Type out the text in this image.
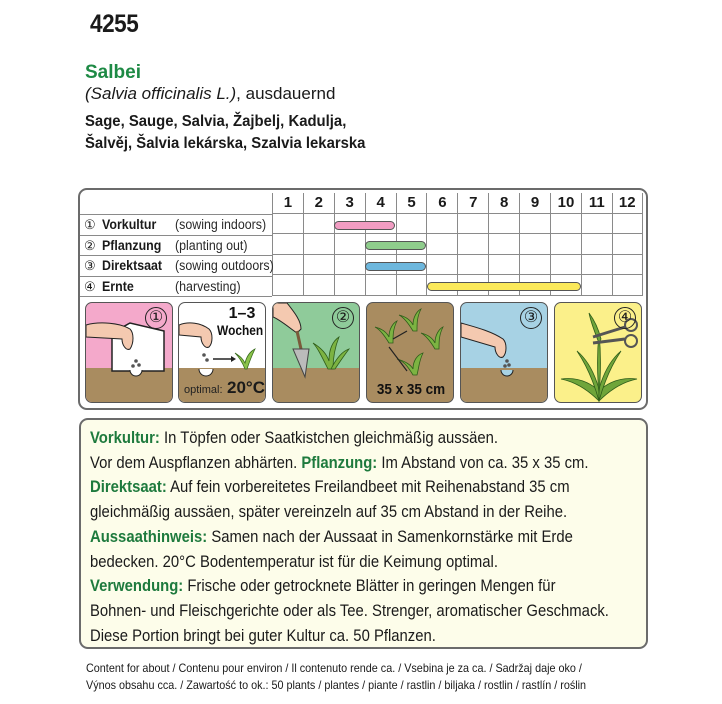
4255
Salbei
(Salvia officinalis L.), ausdauernd
Sage, Sauge, Salvia, Žajbelj, Kadulja,
Šalvěj, Šalvia lekárska, Szalvia lekarska
1	2	3	4	5	6	7	8	9	10 11 12
① Vorkultur (sowing indoors)
② Pflanzung (planting out)
③ Direktsaat (sowing outdoors)
④ Ernte	(harvesting)
①	1–3
Wochen
optimal: 20°C
②
35 x 35 cm
③	④

Vorkultur: In Töpfen oder Saatkistchen gleichmäßig aussäen.

Vor dem Auspflanzen abhärten. Pflanzung: Im Abstand von ca. 35 x 35 cm.

Direktsaat: Auf fein vorbereitetes Freilandbeet mit Reihenabstand 35 cm

gleichmäßig aussäen, später vereinzeln auf 35 cm Abstand in der Reihe.

Aussaathinweis: Samen nach der Aussaat in Samenkornstärke mit Erde

bedecken. 20°C Bodentemperatur ist für die Keimung optimal.

Verwendung: Frische oder getrocknete Blätter in geringen Mengen für

Bohnen- und Fleischgerichte oder als Tee. Strenger, aromatischer Geschmack.

Diese Portion bringt bei guter Kultur ca. 50 Pflanzen.

Content for about / Contenu pour environ / Il contenuto rende ca. / Vsebina je za ca. / Sadržaj daje oko /
Výnos obsahu cca. / Zawartość to ok.: 50 plants / plantes / piante / rastlin / biljaka / rostlin / rastlín / roślin
